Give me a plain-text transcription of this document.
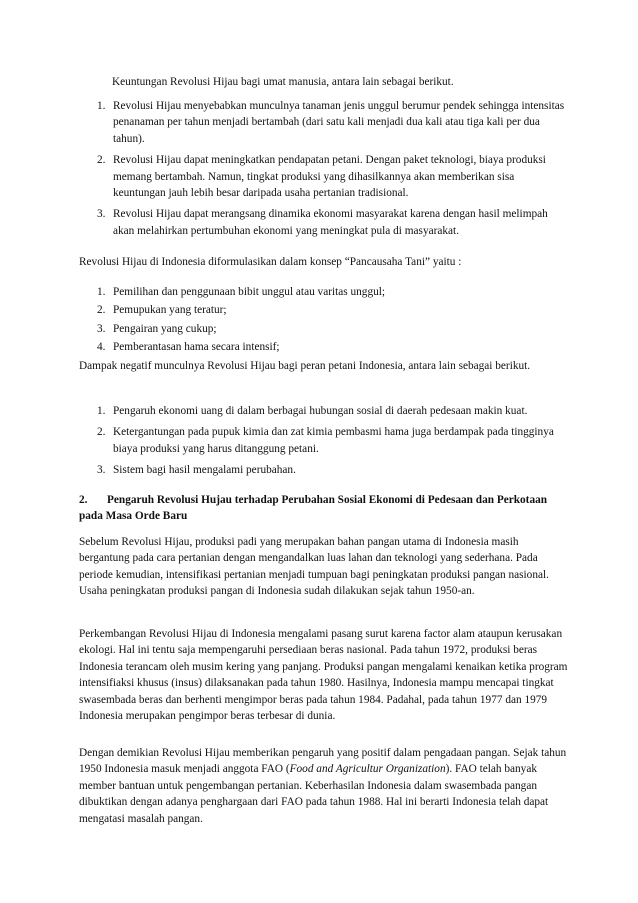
Keuntungan Revolusi Hijau bagi umat manusia, antara lain sebagai berikut.

1. Revolusi Hijau menyebabkan munculnya tanaman jenis unggul berumur pendek sehingga intensitas penanaman per tahun menjadi bertambah (dari satu kali menjadi dua kali atau tiga kali per dua tahun).
2. Revolusi Hijau dapat meningkatkan pendapatan petani. Dengan paket teknologi, biaya produksi memang bertambah. Namun, tingkat produksi yang dihasilkannya akan memberikan sisa keuntungan jauh lebih besar daripada usaha pertanian tradisional.
3. Revolusi Hijau dapat merangsang dinamika ekonomi masyarakat karena dengan hasil melimpah akan melahirkan pertumbuhan ekonomi yang meningkat pula di masyarakat.

Revolusi Hijau di Indonesia diformulasikan dalam konsep “Pancausaha Tani” yaitu :

1. Pemilihan dan penggunaan bibit unggul atau varitas unggul;
2. Pemupukan yang teratur;
3. Pengairan yang cukup;
4. Pemberantasan hama secara intensif;

Dampak negatif munculnya Revolusi Hijau bagi peran petani Indonesia, antara lain sebagai berikut.

1. Pengaruh ekonomi uang di dalam berbagai hubungan sosial di daerah pedesaan makin kuat.
2. Ketergantungan pada pupuk kimia dan zat kimia pembasmi hama juga berdampak pada tingginya biaya produksi yang harus ditanggung petani.
3. Sistem bagi hasil mengalami perubahan.

2. Pengaruh Revolusi Hujau terhadap Perubahan Sosial Ekonomi di Pedesaan dan Perkotaan pada Masa Orde Baru

Sebelum Revolusi Hijau, produksi padi yang merupakan bahan pangan utama di Indonesia masih bergantung pada cara pertanian dengan mengandalkan luas lahan dan teknologi yang sederhana. Pada periode kemudian, intensifikasi pertanian menjadi tumpuan bagi peningkatan produksi pangan nasional. Usaha peningkatan produksi pangan di Indonesia sudah dilakukan sejak tahun 1950-an.

Perkembangan Revolusi Hijau di Indonesia mengalami pasang surut karena factor alam ataupun kerusakan ekologi. Hal ini tentu saja mempengaruhi persediaan beras nasional. Pada tahun 1972, produksi beras Indonesia terancam oleh musim kering yang panjang. Produksi pangan mengalami kenaikan ketika program intensifiaksi khusus (insus) dilaksanakan pada tahun 1980. Hasilnya, Indonesia mampu mencapai tingkat swasembada beras dan berhenti mengimpor beras pada tahun 1984. Padahal, pada tahun 1977 dan 1979 Indonesia merupakan pengimpor beras terbesar di dunia.

Dengan demikian Revolusi Hijau memberikan pengaruh yang positif dalam pengadaan pangan. Sejak tahun 1950 Indonesia masuk menjadi anggota FAO (Food and Agricultur Organization). FAO telah banyak member bantuan untuk pengembangan pertanian. Keberhasilan Indonesia dalam swasembada pangan dibuktikan dengan adanya penghargaan dari FAO pada tahun 1988. Hal ini berarti Indonesia telah dapat mengatasi masalah pangan.
